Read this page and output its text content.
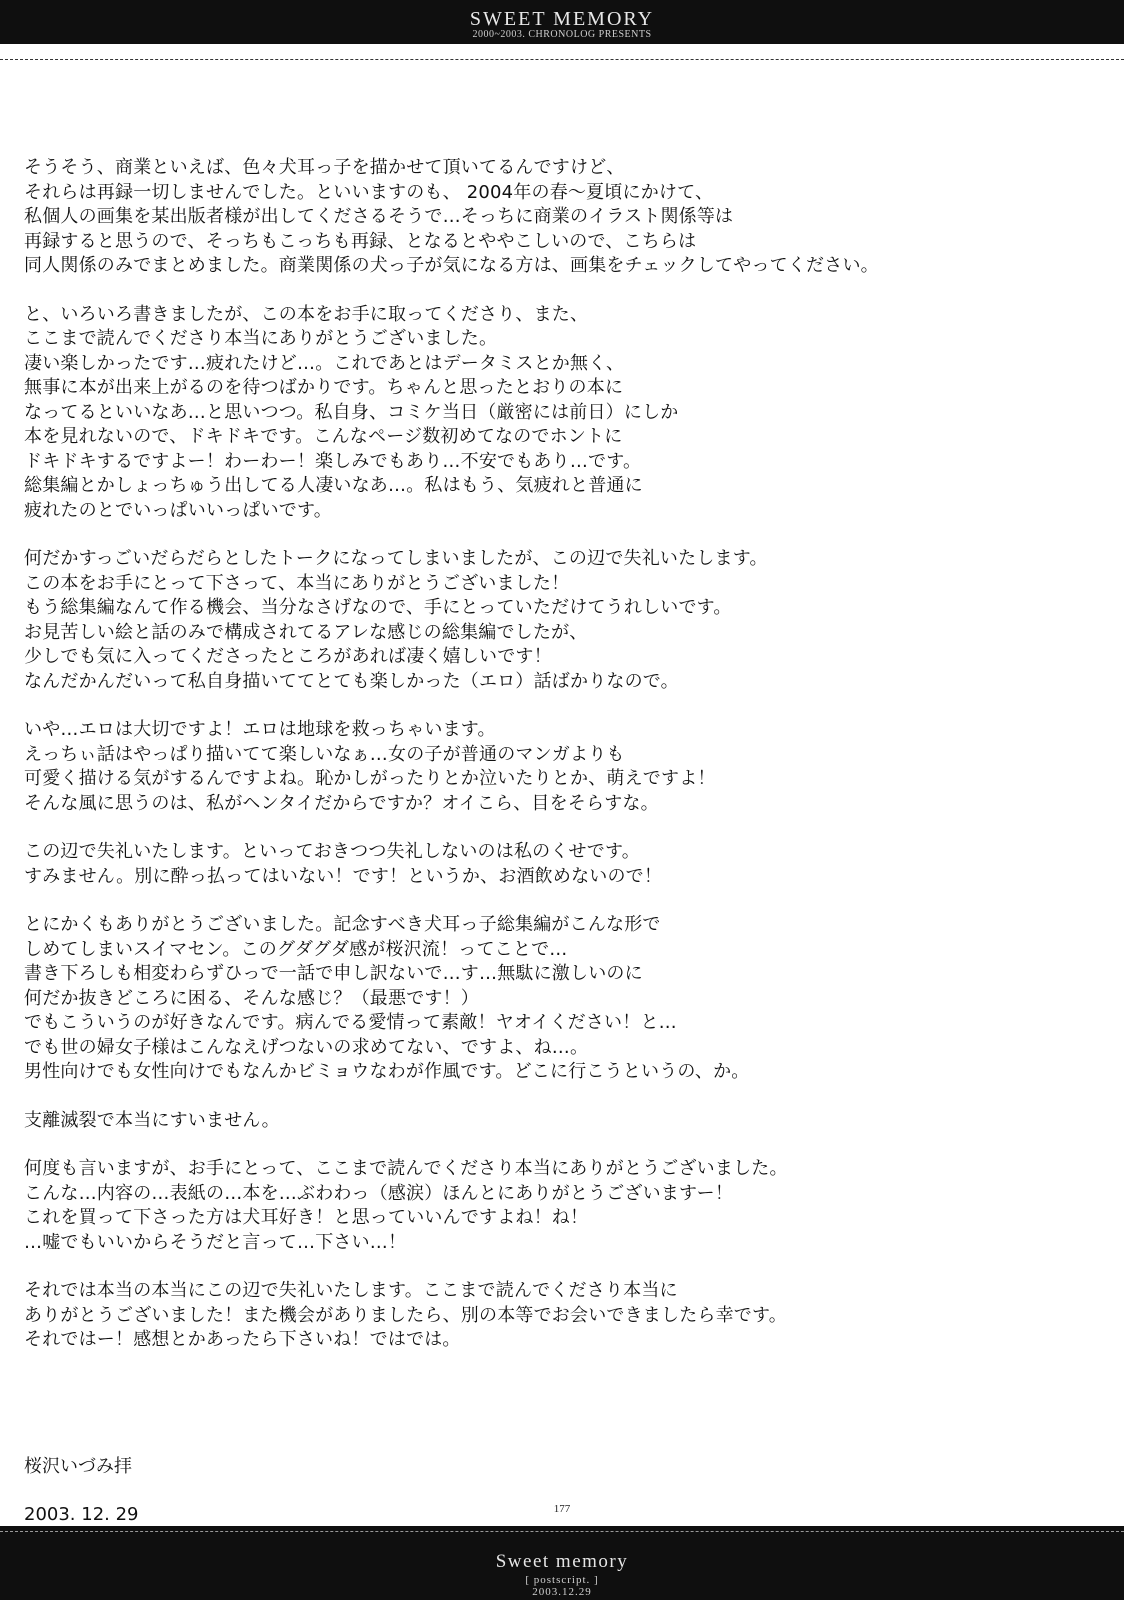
SWEET MEMORY
2000~2003. CHRONOLOG PRESENTS

そうそう、商業といえば、色々犬耳っ子を描かせて頂いてるんですけど、
それらは再録一切しませんでした。といいますのも、 2004年の春～夏頃にかけて、
私個人の画集を某出版者様が出してくださるそうで…そっちに商業のイラスト関係等は
再録すると思うので、そっちもこっちも再録、となるとややこしいので、こちらは
同人関係のみでまとめました。商業関係の犬っ子が気になる方は、画集をチェックしてやってください。

と、いろいろ書きましたが、この本をお手に取ってくださり、また、
ここまで読んでくださり本当にありがとうございました。
凄い楽しかったです…疲れたけど…。これであとはデータミスとか無く、
無事に本が出来上がるのを待つばかりです。ちゃんと思ったとおりの本に
なってるといいなあ…と思いつつ。私自身、コミケ当日（厳密には前日）にしか
本を見れないので、ドキドキです。こんなページ数初めてなのでホントに
ドキドキするですよー！わーわー！楽しみでもあり…不安でもあり…です。
総集編とかしょっちゅう出してる人凄いなあ…。私はもう、気疲れと普通に
疲れたのとでいっぱいいっぱいです。

何だかすっごいだらだらとしたトークになってしまいましたが、この辺で失礼いたします。
この本をお手にとって下さって、本当にありがとうございました！
もう総集編なんて作る機会、当分なさげなので、手にとっていただけてうれしいです。
お見苦しい絵と話のみで構成されてるアレな感じの総集編でしたが、
少しでも気に入ってくださったところがあれば凄く嬉しいです！
なんだかんだいって私自身描いててとても楽しかった（エロ）話ばかりなので。

いや…エロは大切ですよ！エロは地球を救っちゃいます。
えっちぃ話はやっぱり描いてて楽しいなぁ…女の子が普通のマンガよりも
可愛く描ける気がするんですよね。恥かしがったりとか泣いたりとか、萌えですよ！
そんな風に思うのは、私がヘンタイだからですか？オイこら、目をそらすな。

この辺で失礼いたします。といっておきつつ失礼しないのは私のくせです。
すみません。別に酔っ払ってはいない！です！というか、お酒飲めないので！

とにかくもありがとうございました。記念すべき犬耳っ子総集編がこんな形で
しめてしまいスイマセン。このグダグダ感が桜沢流！ってことで…
書き下ろしも相変わらずひっで一話で申し訳ないで…す…無駄に激しいのに
何だか抜きどころに困る、そんな感じ？（最悪です！）
でもこういうのが好きなんです。病んでる愛情って素敵！ヤオイください！と…
でも世の婦女子様はこんなえげつないの求めてない、ですよ、ね…。
男性向けでも女性向けでもなんかビミョウなわが作風です。どこに行こうというの、か。

支離滅裂で本当にすいません。

何度も言いますが、お手にとって、ここまで読んでくださり本当にありがとうございました。
こんな…内容の…表紙の…本を…ぶわわっ（感涙）ほんとにありがとうございますー！
これを買って下さった方は犬耳好き！と思っていいんですよね！ね！
…嘘でもいいからそうだと言って…下さい…！

それでは本当の本当にこの辺で失礼いたします。ここまで読んでくださり本当に
ありがとうございました！また機会がありましたら、別の本等でお会いできましたら幸です。
それではー！感想とかあったら下さいね！ではでは。

桜沢いづみ拝

2003. 12. 29	177
Sweet memory
[ postscript. ]
2003.12.29
